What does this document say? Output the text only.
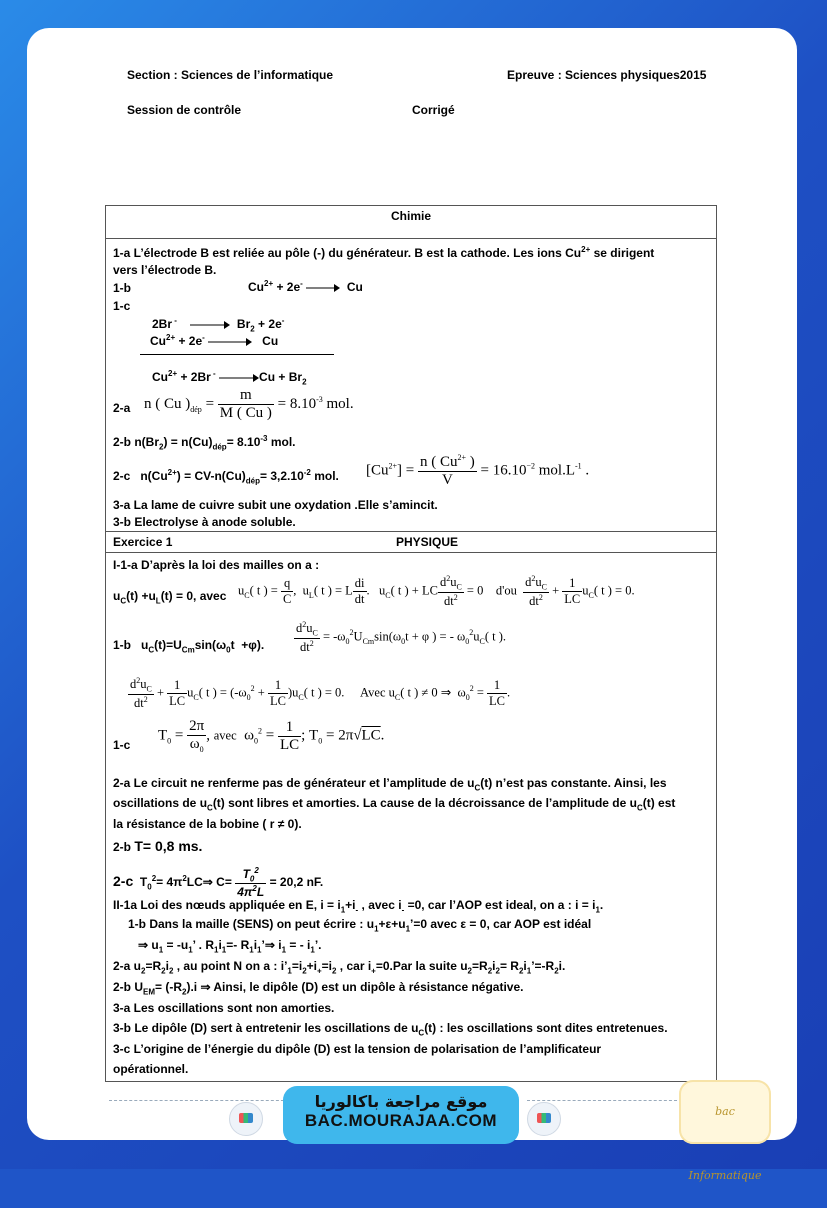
Section : Sciences de l’informatique	Epreuve : Sciences physiques2015
Session de contrôle	Corrigé
Chimie
1-a L’électrode B est reliée au pôle (-) du générateur. B est la cathode. Les ions $Cu^{2+}$ se dirigent
vers l’électrode B.
1-b	$Cu^{2+} + 2e^-$	Cu
1-c
2Br -	$Br_2 + 2e^-$
$Cu^{2+} + 2e^-$	Cu
$Cu^{2+} + 2Br$ -	$Cu + Br_2$
2-a n ( Cu )$_{dép} = \frac{m}{M ( Cu )} = 8.10^{-3}$ mol.
2-b $n(Br_2) = n(Cu)_{dép}= 8.10^{-3}$ mol.
2-c   $n(Cu^{2+}) = CV-n(Cu)_{dép}= 3,2.10^{-2}$ mol. $[Cu^{2+}] = \frac{n ( Cu^{2+} )}{V} = 16.10^{-2}$ $mol.L^{-1}$ .
3-a La lame de cuivre subit une oxydation .Elle s’amincit.
3-b Electrolyse à anode soluble.
Exercice 1	PHYSIQUE
I-1-a D’après la loi des mailles on a :
$u_C(t) +u_L(t) = 0$, avec $u_C$( t ) = $\frac{q}{C}$ ,  $u_L$( t ) = L $\frac{di}{dt}$ .   $u_C$( t ) + LC $\frac{d^2u_C}{dt^2} = 0$    $d'ou \frac{d^2u_C}{dt^2} + \frac{1}{LC} u_C$( t ) = 0.
1-b   $u_C(t)=U_{Cm}\sin(\omega_0t +\varphi)$. $\frac{d^2u_C}{dt^2} = -\omega_0^2U_{Cm}\sin(\omega_0t + \varphi$ ) = - $\omega_0^2u_C$( t ).
$\frac{d^2u_C}{dt^2} + \frac{1}{LC} u_C$( t ) = $(-\omega_0^2 + \frac{1}{LC} )u_C$( t ) = 0.     Avec $u_C$( t ) ≠ 0 ⇒  $\omega_0^2 = \frac{1}{LC}$ .
1-c
$T_0 = \frac{2\pi}{\omega_0}$ , avec  $\omega_0^2 = \frac{1}{LC}$ ; $T_0 = 2\pi√LC$.
2-a Le circuit ne renferme pas de générateur et l’amplitude de $u_C(t)$ n’est pas constante. Ainsi, les
oscillations de $u_C(t)$ sont libres et amorties. La cause de la décroissance de l’amplitude de $u_C(t)$ est
la résistance de la bobine ( r ≠ 0).
2-b T= 0,8 ms.
2-c  $T_0^2=$ $4\pi^2LC\Rightarrow$ $C= \frac{T_0^2}{4\pi^2L} = 20,2$ nF.
II-1a Loi des nœuds appliquée en E, $i = i_1+i_-$ , avec $i_- =0$, car l’AOP est ideal, on a : $i = i_1$.
1-b Dans la maille (SENS) on peut écrire : $u_1+\varepsilon+u_1’=0$ avec ε = 0, car AOP est idéal
⇒ $u_1 = -u_1$’ . $R_1i_1=-$ $R_1i_1’\Rightarrow$ $i_1$ = - $i_1$’.
2-a $u_2=R_2i_2$ , au point N on a : $i’_1=i_2+i_+=i_2$ , car $i_+=0.Par$ la suite $u_2=R_2i_2=$ $R_2i_1’=-R_2i$.
2-b $U_{EM}= (-R_2).i$ ⇒ Ainsi, le dipôle (D) est un dipôle à résistance négative.
3-a Les oscillations sont non amorties.
3-b Le dipôle (D) sert à entretenir les oscillations de $u_C(t)$ : les oscillations sont dites entretenues.
3-c L’origine de l’énergie du dipôle (D) est la tension de polarisation de l’amplificateur
opérationnel.
موقع مراجعة باكالوريا
BAC.MOURAJAA.COM	bac Informatique
